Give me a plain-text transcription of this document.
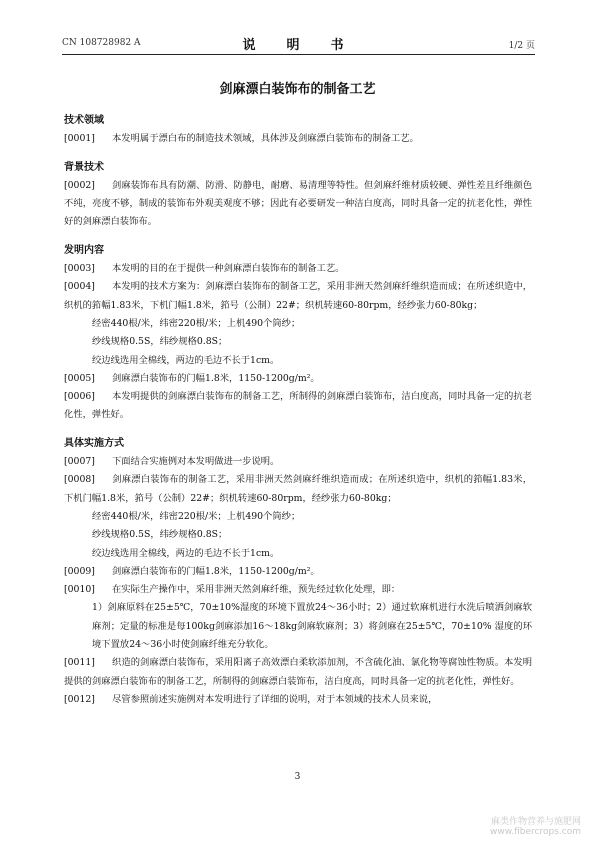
CN 108728982 A	说　明　书	1/2 页
剑麻漂白装饰布的制备工艺
技术领域
[0001] 本发明属于漂白布的制造技术领域，具体涉及剑麻漂白装饰布的制备工艺。
背景技术
[0002] 剑麻装饰布具有防潮、防滑、防静电，耐磨、易清理等特性。但剑麻纤维材质较硬、弹性差且纤维颜色不纯，亮度不够，制成的装饰布外观美观度不够；因此有必要研发一种洁白度高，同时具备一定的抗老化性，弹性好的剑麻漂白装饰布。
发明内容
[0003] 本发明的目的在于提供一种剑麻漂白装饰布的制备工艺。
[0004] 本发明的技术方案为：剑麻漂白装饰布的制备工艺，采用非洲天然剑麻纤维织造而成；在所述织造中，织机的筘幅1.83米，下机门幅1.8米，筘号（公制）22#；织机转速60-80rpm，经纱张力60-80kg；
经密440根/米，纬密220根/米；上机490个筒纱；
纱线规格0.5S，纬纱规格0.8S；
绞边线选用全棉线，两边的毛边不长于1cm。
[0005] 剑麻漂白装饰布的门幅1.8米，1150-1200g/m²。
[0006] 本发明提供的剑麻漂白装饰布的制备工艺，所制得的剑麻漂白装饰布，洁白度高，同时具备一定的抗老化性，弹性好。
具体实施方式
[0007] 下面结合实施例对本发明做进一步说明。
[0008] 剑麻漂白装饰布的制备工艺，采用非洲天然剑麻纤维织造而成；在所述织造中，织机的筘幅1.83米，下机门幅1.8米，筘号（公制）22#；织机转速60-80rpm，经纱张力60-80kg；
经密440根/米，纬密220根/米；上机490个筒纱；
纱线规格0.5S，纬纱规格0.8S；
绞边线选用全棉线，两边的毛边不长于1cm。
[0009] 剑麻漂白装饰布的门幅1.8米，1150-1200g/m²。
[0010] 在实际生产操作中，采用非洲天然剑麻纤维，预先经过软化处理，即：
1）剑麻原料在25±5℃，70±10%湿度的环境下置放24～36小时；2）通过软麻机进行水洗后喷洒剑麻软麻剂；定量的标准是每100kg剑麻添加16～18kg剑麻软麻剂；3）将剑麻在25±5℃，70±10% 湿度的环境下置放24～36小时使剑麻纤维充分软化。
[0011] 织造的剑麻漂白装饰布，采用阳离子高效漂白柔软添加剂，不含硫化油、氯化物等腐蚀性物质。本发明提供的剑麻漂白装饰布的制备工艺，所制得的剑麻漂白装饰布，洁白度高，同时具备一定的抗老化性，弹性好。
[0012] 尽管参照前述实施例对本发明进行了详细的说明，对于本领域的技术人员来说，
3
麻类作物营养与施肥网
www.fibercrops.com
